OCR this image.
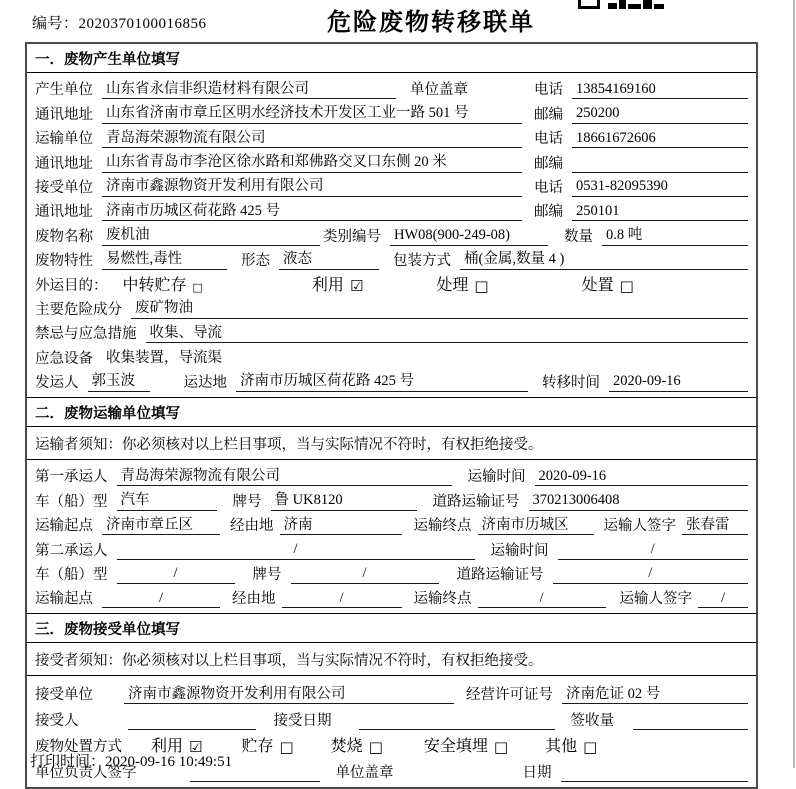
编号：2020370100016856	危险废物转移联单
一．废物产生单位填写
产生单位 山东省永信非织造材料有限公司	单位盖章	电话 13854169160
通讯地址 山东省济南市章丘区明水经济技术开发区工业一路 501 号	邮编 250200
运输单位 青岛海荣源物流有限公司	电话 18661672606
通讯地址 山东省青岛市李沧区徐水路和郑佛路交叉口东侧 20 米	邮编
接受单位 济南市鑫源物资开发利用有限公司	电话 0531-82095390
通讯地址 济南市历城区荷花路 425 号	邮编 250101
废物名称 废机油	类别编号 HW08(900-249-08)	数量 0.8 吨
废物特性 易燃性,毒性	形态 液态	包装方式 桶(金属,数量 4 )
外运目的： 中转贮存 □	利用 ☑	处理 □	处置 □
主要危险成分 废矿物油
禁忌与应急措施 收集、导流
应急设备 收集装置，导流渠
发运人 郭玉波	运达地 济南市历城区荷花路 425 号	转移时间 2020-09-16
二．废物运输单位填写
运输者须知：你必须核对以上栏目事项，当与实际情况不符时，有权拒绝接受。
第一承运人 青岛海荣源物流有限公司	运输时间 2020-09-16
车（船）型 汽车	牌号 鲁 UK8120	道路运输证号 370213006408
运输起点 济南市章丘区	经由地 济南	运输终点 济南市历城区	运输人签字 张春雷
第二承运人	/	运输时间	/
车（船）型	/	牌号	/	道路运输证号	/
运输起点	/	经由地	/	运输终点	/	运输人签字	/
三．废物接受单位填写
接受者须知：你必须核对以上栏目事项，当与实际情况不符时，有权拒绝接受。
接受单位	济南市鑫源物资开发利用有限公司	经营许可证号 济南危证 02 号
接受人	接受日期	签收量
废物处置方式	利用 ☑ 贮存 □ 焚烧 □	安全填埋 □ 其他 □
单位负责人签字	单位盖章	日期
打印时间：2020-09-16 10:49:51
